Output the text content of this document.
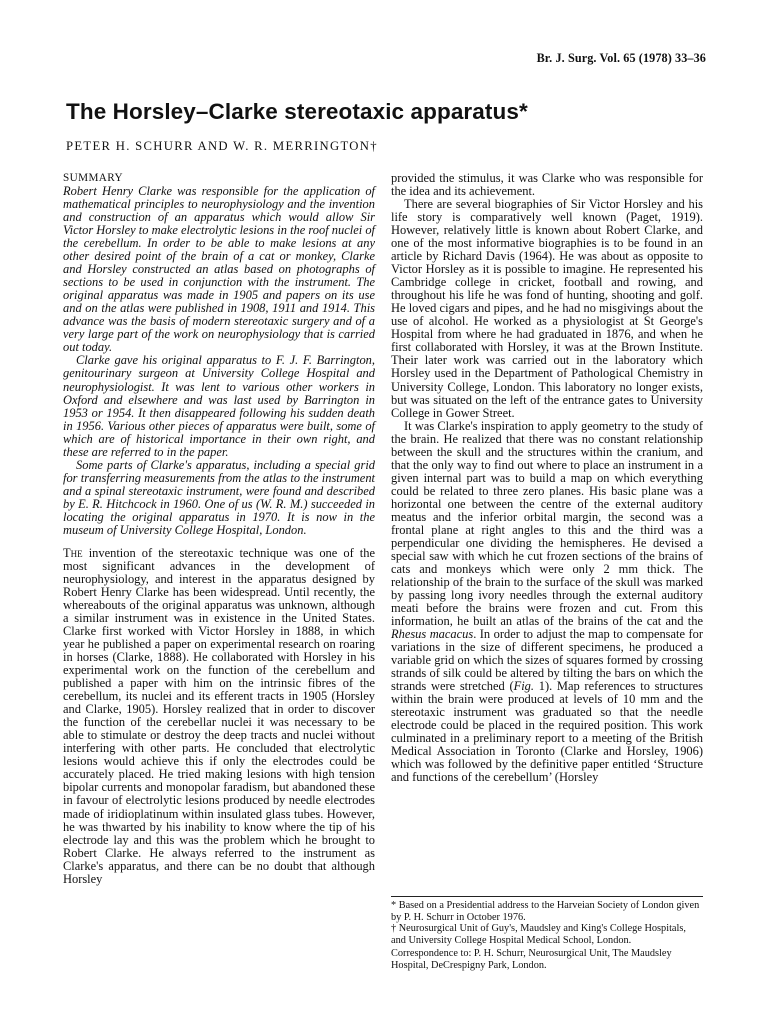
Br. J. Surg. Vol. 65 (1978) 33–36
The Horsley–Clarke stereotaxic apparatus*
PETER H. SCHURR AND W. R. MERRINGTON†

SUMMARY

Robert Henry Clarke was responsible for the application of mathematical principles to neurophysiology and the invention and construction of an apparatus which would allow Sir Victor Horsley to make electrolytic lesions in the roof nuclei of the cerebellum. In order to be able to make lesions at any other desired point of the brain of a cat or monkey, Clarke and Horsley constructed an atlas based on photographs of sections to be used in conjunction with the instrument. The original apparatus was made in 1905 and papers on its use and on the atlas were published in 1908, 1911 and 1914. This advance was the basis of modern stereotaxic surgery and of a very large part of the work on neurophysiology that is carried out today.

Clarke gave his original apparatus to F. J. F. Barrington, genitourinary surgeon at University College Hospital and neurophysiologist. It was lent to various other workers in Oxford and elsewhere and was last used by Barrington in 1953 or 1954. It then disappeared following his sudden death in 1956. Various other pieces of apparatus were built, some of which are of historical importance in their own right, and these are referred to in the paper.

Some parts of Clarke's apparatus, including a special grid for transferring measurements from the atlas to the instrument and a spinal stereotaxic instrument, were found and described by E. R. Hitchcock in 1960. One of us (W. R. M.) succeeded in locating the original apparatus in 1970. It is now in the museum of University College Hospital, London.

The invention of the stereotaxic technique was one of the most significant advances in the development of neurophysiology, and interest in the apparatus designed by Robert Henry Clarke has been widespread. Until recently, the whereabouts of the original apparatus was unknown, although a similar instrument was in existence in the United States. Clarke first worked with Victor Horsley in 1888, in which year he published a paper on experimental research on roaring in horses (Clarke, 1888). He collaborated with Horsley in his experimental work on the function of the cerebellum and published a paper with him on the intrinsic fibres of the cerebellum, its nuclei and its efferent tracts in 1905 (Horsley and Clarke, 1905). Horsley realized that in order to discover the function of the cerebellar nuclei it was necessary to be able to stimulate or destroy the deep tracts and nuclei without interfering with other parts. He concluded that electrolytic lesions would achieve this if only the electrodes could be accurately placed. He tried making lesions with high tension bipolar currents and monopolar faradism, but abandoned these in favour of electrolytic lesions produced by needle electrodes made of iridioplatinum within insulated glass tubes. However, he was thwarted by his inability to know where the tip of his electrode lay and this was the problem which he brought to Robert Clarke. He always referred to the instrument as Clarke's apparatus, and there can be no doubt that although Horsley

provided the stimulus, it was Clarke who was responsible for the idea and its achievement.

There are several biographies of Sir Victor Horsley and his life story is comparatively well known (Paget, 1919). However, relatively little is known about Robert Clarke, and one of the most informative biographies is to be found in an article by Richard Davis (1964). He was about as opposite to Victor Horsley as it is possible to imagine. He represented his Cambridge college in cricket, football and rowing, and throughout his life he was fond of hunting, shooting and golf. He loved cigars and pipes, and he had no misgivings about the use of alcohol. He worked as a physiologist at St George's Hospital from where he had graduated in 1876, and when he first collaborated with Horsley, it was at the Brown Institute. Their later work was carried out in the laboratory which Horsley used in the Department of Pathological Chemistry in University College, London. This laboratory no longer exists, but was situated on the left of the entrance gates to University College in Gower Street.

It was Clarke's inspiration to apply geometry to the study of the brain. He realized that there was no constant relationship between the skull and the structures within the cranium, and that the only way to find out where to place an instrument in a given internal part was to build a map on which everything could be related to three zero planes. His basic plane was a horizontal one between the centre of the external auditory meatus and the inferior orbital margin, the second was a frontal plane at right angles to this and the third was a perpendicular one dividing the hemispheres. He devised a special saw with which he cut frozen sections of the brains of cats and monkeys which were only 2 mm thick. The relationship of the brain to the surface of the skull was marked by passing long ivory needles through the external auditory meati before the brains were frozen and cut. From this information, he built an atlas of the brains of the cat and the Rhesus macacus. In order to adjust the map to compensate for variations in the size of different specimens, he produced a variable grid on which the sizes of squares formed by crossing strands of silk could be altered by tilting the bars on which the strands were stretched (Fig. 1). Map references to structures within the brain were produced at levels of 10 mm and the stereotaxic instrument was graduated so that the needle electrode could be placed in the required position. This work culminated in a preliminary report to a meeting of the British Medical Association in Toronto (Clarke and Horsley, 1906) which was followed by the definitive paper entitled ‘Structure and functions of the cerebellum’ (Horsley

* Based on a Presidential address to the Harveian Society of London given by P. H. Schurr in October 1976.

† Neurosurgical Unit of Guy's, Maudsley and King's College Hospitals, and University College Hospital Medical School, London.

Correspondence to: P. H. Schurr, Neurosurgical Unit, The Maudsley Hospital, DeCrespigny Park, London.
